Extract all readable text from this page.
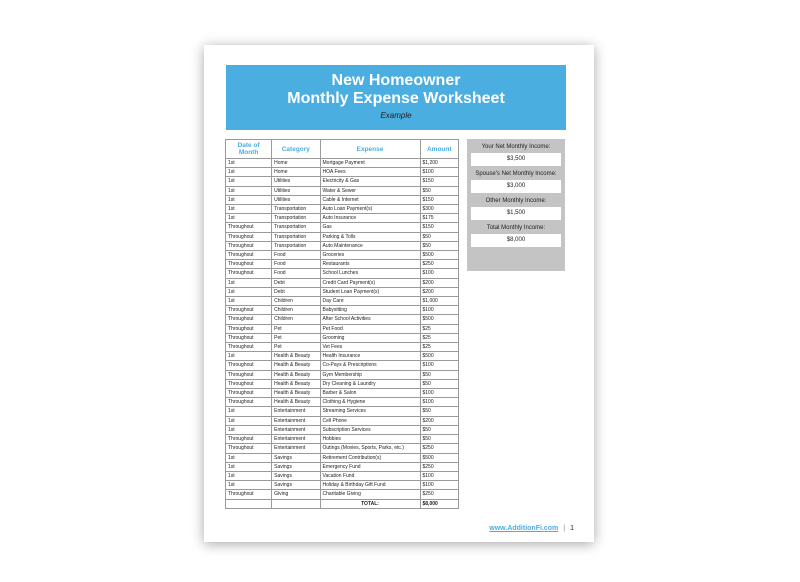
New Homeowner
Monthly Expense Worksheet
Example
Date of Month	Category	Expense	Amount
1st	Home	Mortgage Payment	$1,200
1st	Home	HOA Fees	$100
1st	Utilities	Electricity & Gas	$150
1st	Utilities	Water & Sewer	$50
1st	Utilities	Cable & Internet	$150
1st	Transportation	Auto Loan Payment(s)	$300
1st	Transportation	Auto Insurance	$175
Throughout	Transportation	Gas	$150
Throughout	Transportation	Parking & Tolls	$50
Throughout	Transportation	Auto Maintenance	$50
Throughout	Food	Groceries	$500
Throughout	Food	Restaurants	$250
Throughout	Food	School Lunches	$100
1st	Debt	Credit Card Payment(s)	$200
1st	Debt	Student Loan Payment(s)	$200
1st	Children	Day Care	$1,000
Throughout	Children	Babysitting	$100
Throughout	Children	After School Activities	$500
Throughout	Pet	Pet Food	$25
Throughout	Pet	Grooming	$25
Throughout	Pet	Vet Fees	$25
1st	Health & Beauty	Health Insurance	$500
Throughout	Health & Beauty	Co-Pays & Prescriptions	$100
Throughout	Health & Beauty	Gym Membership	$50
Throughout	Health & Beauty	Dry Cleaning & Laundry	$50
Throughout	Health & Beauty	Barber & Salon	$100
Throughout	Health & Beauty	Clothing & Hygiene	$100
1st	Entertainment	Streaming Services	$50
1st	Entertainment	Cell Phone	$200
1st	Entertainment	Subscription Services	$50
Throughout	Entertainment	Hobbies	$50
Throughout	Entertainment	Outings (Movies, Sports, Parks, etc.)	$250
1st	Savings	Retirement Contribution(s)	$500
1st	Savings	Emergency Fund	$250
1st	Savings	Vacation Fund	$100
1st	Savings	Holiday & Birthday Gift Fund	$100
Throughout	Giving	Charitable Giving	$250
		TOTAL:	$8,000
Your Net Monthly Income:
$3,500
Spouse's Net Monthly Income:
$3,000
Other Monthly Income:
$1,500
Total Monthly Income:
$8,000
www.AdditionFi.com | 1
